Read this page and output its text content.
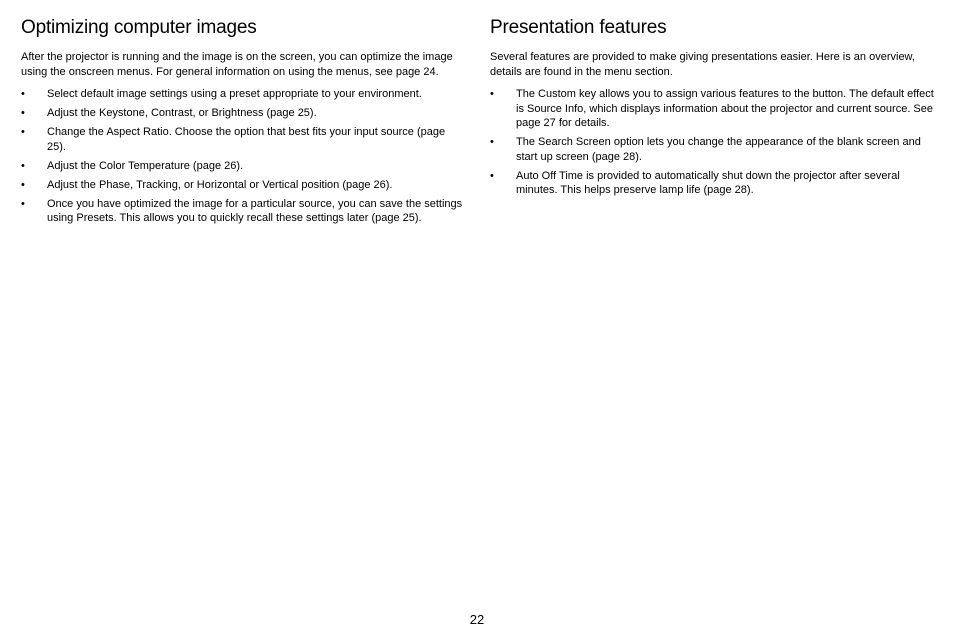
Optimizing computer images

After the projector is running and the image is on the screen, you can optimize the image using the onscreen menus. For general information on using the menus, see page 24.

• Select default image settings using a preset appropriate to your environment.
• Adjust the Keystone, Contrast, or Brightness (page 25).
• Change the Aspect Ratio. Choose the option that best fits your input source (page 25).
• Adjust the Color Temperature (page 26).
• Adjust the Phase, Tracking, or Horizontal or Vertical position (page 26).
• Once you have optimized the image for a particular source, you can save the settings using Presets. This allows you to quickly recall these settings later (page 25).
Presentation features

Several features are provided to make giving presentations easier. Here is an overview, details are found in the menu section.

• The Custom key allows you to assign various features to the button. The default effect is Source Info, which displays information about the projector and current source. See page 27 for details.
• The Search Screen option lets you change the appearance of the blank screen and start up screen (page 28).
• Auto Off Time is provided to automatically shut down the projector after several minutes. This helps preserve lamp life (page 28).
22
